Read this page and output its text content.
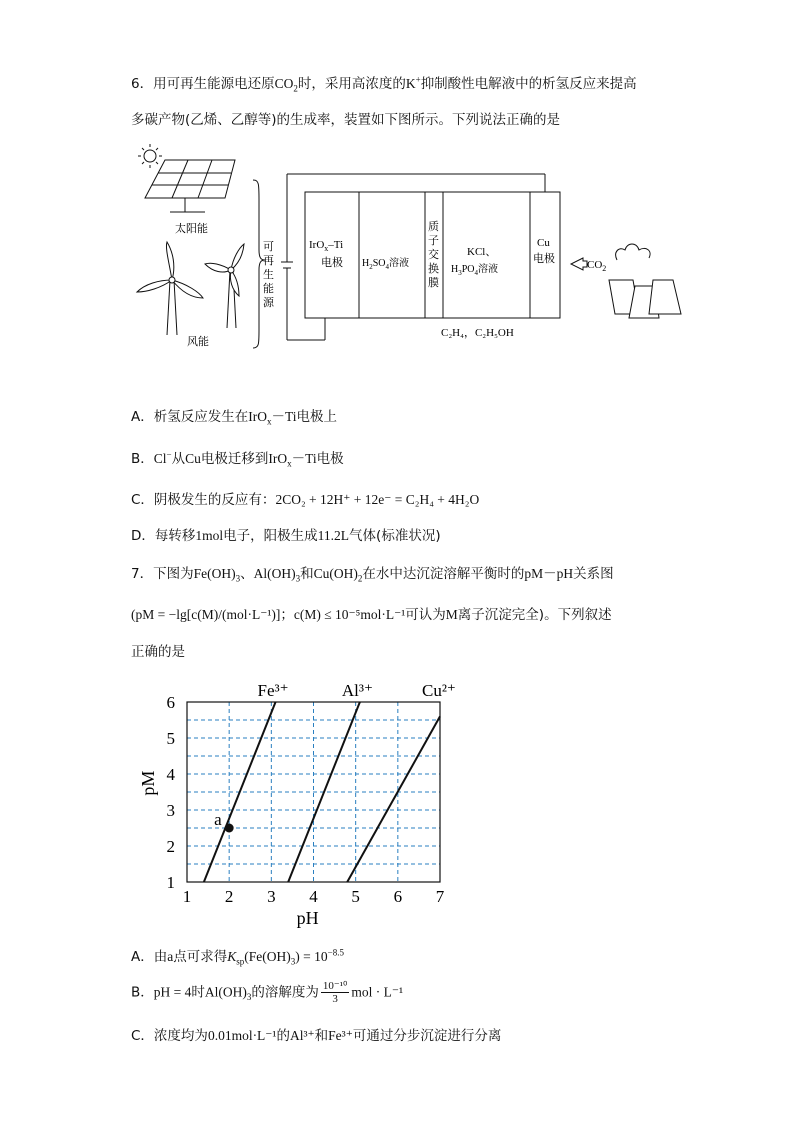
6．用可再生能源电还原$CO_2$时，采用高浓度的K+抑制酸性电解液中的析氢反应来提高
多碳产物(乙烯、乙醇等)的生成率，装置如下图所示。下列说法正确的是
太阳能
风能
可
再
生
能
源
IrO$_x$–Ti
电极 $H_2SO_4$溶液
质
子
交
换
膜
KCl、
$H_3PO_4$溶液
Cu
电极	$CO_2$
C₂H₄，C₂H₅OH
A．析氢反应发生在IrO$_x$－Ti电极上
B．Cl−从Cu电极迁移到IrO$_x$－Ti电极
C．阴极发生的反应有：2CO₂ + 12H⁺ + 12e⁻ = C₂H₄ + 4H₂O
D．每转移1mol电子，阳极生成11.2L气体(标准状况)
7．下图为$Fe(OH)_3$、$Al(OH)_3$和$Cu(OH)_2$在水中达沉淀溶解平衡时的pM－pH关系图
(pM = −lg[c(M)/(mol·L⁻¹)]；c(M) ≤ 10⁻⁵mol·L⁻¹可认为M离子沉淀完全)。下列叙述
正确的是
1 2 3 4 5 6 7
1
2
3
4
5
6
Fe³⁺	Al³⁺	Cu²⁺
a
pH
pM
A．由a点可求得$K_{sp}(Fe(OH)_3) = 10^{-8.5}$
B．pH = 4时$Al(OH)_3$的溶解度为 $\frac{\text{10⁻¹⁰}}{3}$ mol · L⁻¹
C．浓度均为0.01mol·L⁻¹的Al³⁺和Fe³⁺可通过分步沉淀进行分离
